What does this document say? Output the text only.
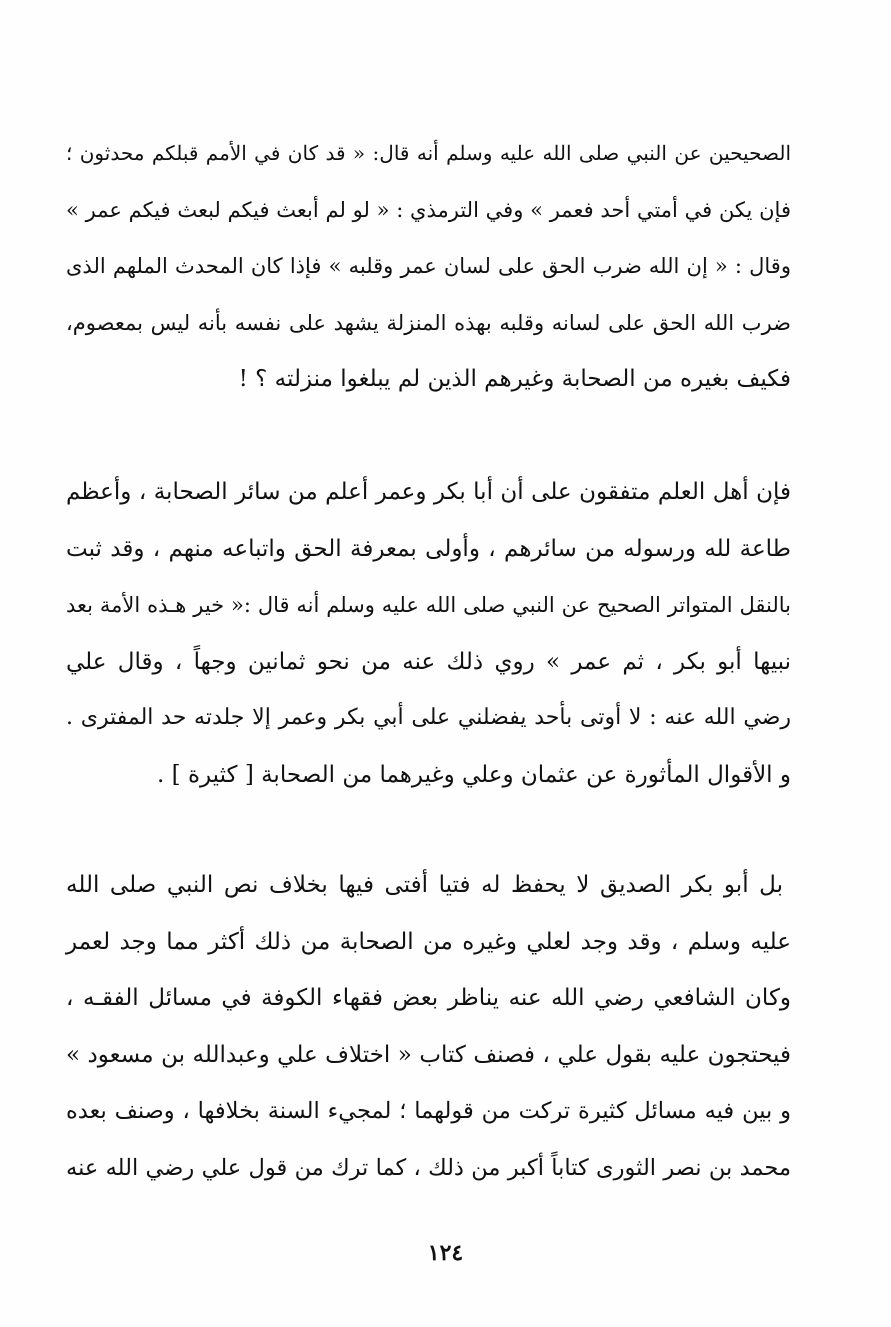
الصحيحين عن النبي صلى الله عليه وسلم أنه قال: « قد كان في الأمم قبلكم محدثون ؛
فإن يكن في أمتي أحد فعمر » وفي الترمذي : « لو لم أبعث فيكم لبعث فيكم عمر »
وقال : « إن الله ضرب الحق على لسان عمر وقلبه » فإذا كان المحدث الملهم الذى
ضرب الله الحق على لسانه وقلبه بهذه المنزلة يشهد على نفسه بأنه ليس بمعصوم،
فكيف بغيره من الصحابة وغيرهم الذين لم يبلغوا منزلته ؟ !
فإن أهل العلم متفقون على أن أبا بكر وعمر أعلم من سائر الصحابة ، وأعظم
طاعة لله ورسوله من سائرهم ، وأولى بمعرفة الحق واتباعه منهم ، وقد ثبت
بالنقل المتواتر الصحيح عن النبي صلى الله عليه وسلم أنه قال :« خير هـذه الأمة بعد
نبيها أبو بكر ، ثم عمر » روي ذلك عنه من نحو ثمانين وجهاً ، وقال علي
رضي الله عنه : لا أوتى بأحد يفضلني على أبي بكر وعمر إلا جلدته حد المفترى .
و الأقوال المأثورة عن عثمان وعلي وغيرهما من الصحابة [ كثيرة ] .
بل أبو بكر الصديق لا يحفظ له فتيا أفتى فيها بخلاف نص النبي صلى الله
عليه وسلم ، وقد وجد لعلي وغيره من الصحابة من ذلك أكثر مما وجد لعمر
وكان الشافعي رضي الله عنه يناظر بعض فقهاء الكوفة في مسائل الفقـه ،
فيحتجون عليه بقول علي ، فصنف كتاب « اختلاف علي وعبدالله بن مسعود »
و بين فيه مسائل كثيرة تركت من قولهما ؛ لمجيء السنة بخلافها ، وصنف بعده
محمد بن نصر الثورى كتاباً أكبر من ذلك ، كما ترك من قول علي رضي الله عنه
١٢٤
